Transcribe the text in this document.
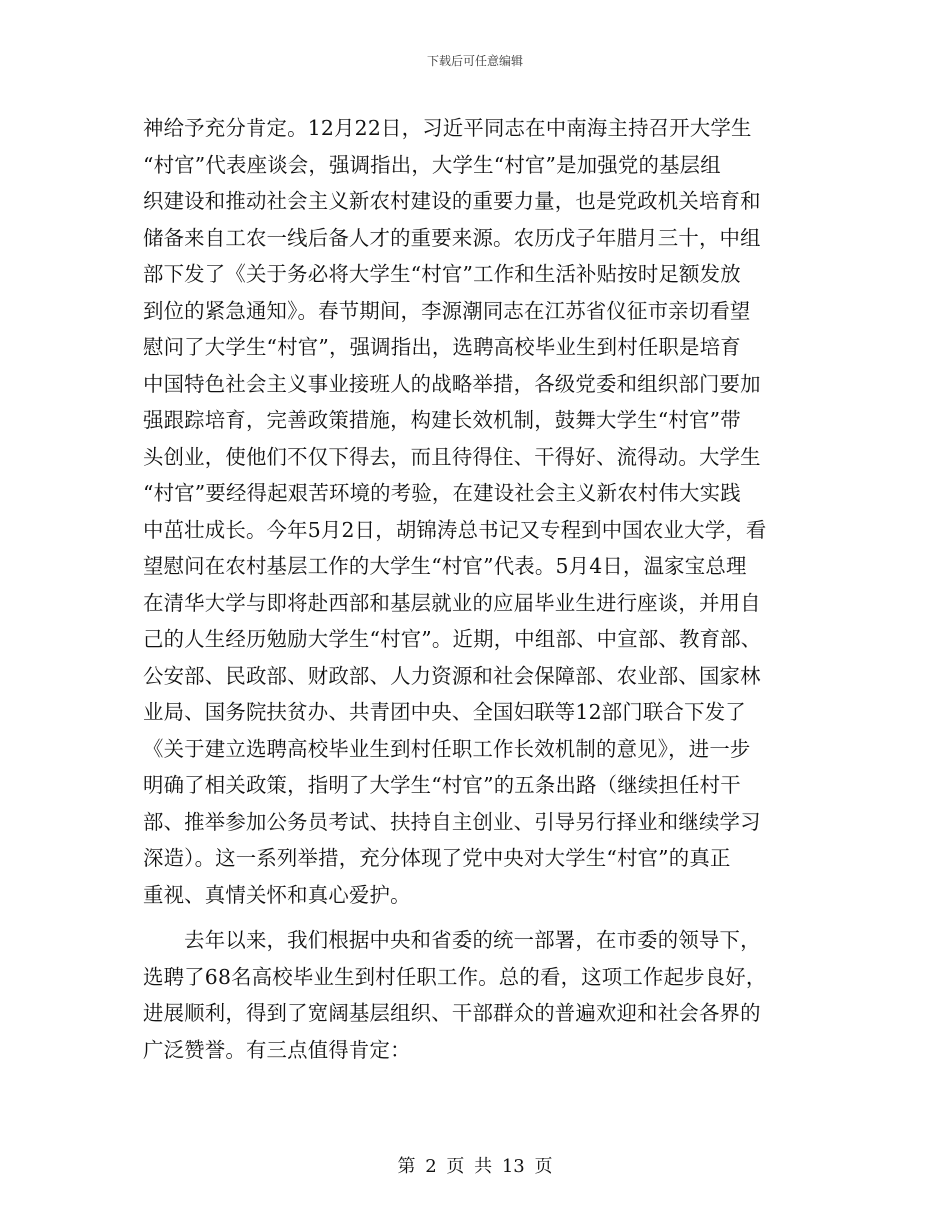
下载后可任意编辑
神给予充分肯定。12月22日，习近平同志在中南海主持召开大学生
“村官”代表座谈会，强调指出，大学生“村官”是加强党的基层组
织建设和推动社会主义新农村建设的重要力量，也是党政机关培育和
储备来自工农一线后备人才的重要来源。农历戊子年腊月三十，中组
部下发了《关于务必将大学生“村官”工作和生活补贴按时足额发放
到位的紧急通知》。春节期间，李源潮同志在江苏省仪征市亲切看望
慰问了大学生“村官”，强调指出，选聘高校毕业生到村任职是培育
中国特色社会主义事业接班人的战略举措，各级党委和组织部门要加
强跟踪培育，完善政策措施，构建长效机制，鼓舞大学生“村官”带
头创业，使他们不仅下得去，而且待得住、干得好、流得动。大学生
“村官”要经得起艰苦环境的考验，在建设社会主义新农村伟大实践
中茁壮成长。今年5月2日，胡锦涛总书记又专程到中国农业大学，看
望慰问在农村基层工作的大学生“村官”代表。5月4日，温家宝总理
在清华大学与即将赴西部和基层就业的应届毕业生进行座谈，并用自
己的人生经历勉励大学生“村官”。近期，中组部、中宣部、教育部、
公安部、民政部、财政部、人力资源和社会保障部、农业部、国家林
业局、国务院扶贫办、共青团中央、全国妇联等12部门联合下发了
《关于建立选聘高校毕业生到村任职工作长效机制的意见》，进一步
明确了相关政策，指明了大学生“村官”的五条出路（继续担任村干
部、推举参加公务员考试、扶持自主创业、引导另行择业和继续学习
深造）。这一系列举措，充分体现了党中央对大学生“村官”的真正
重视、真情关怀和真心爱护。
　　去年以来，我们根据中央和省委的统一部署，在市委的领导下，
选聘了68名高校毕业生到村任职工作。总的看，这项工作起步良好，
进展顺利，得到了宽阔基层组织、干部群众的普遍欢迎和社会各界的
广泛赞誉。有三点值得肯定：
第 2 页 共 13 页
